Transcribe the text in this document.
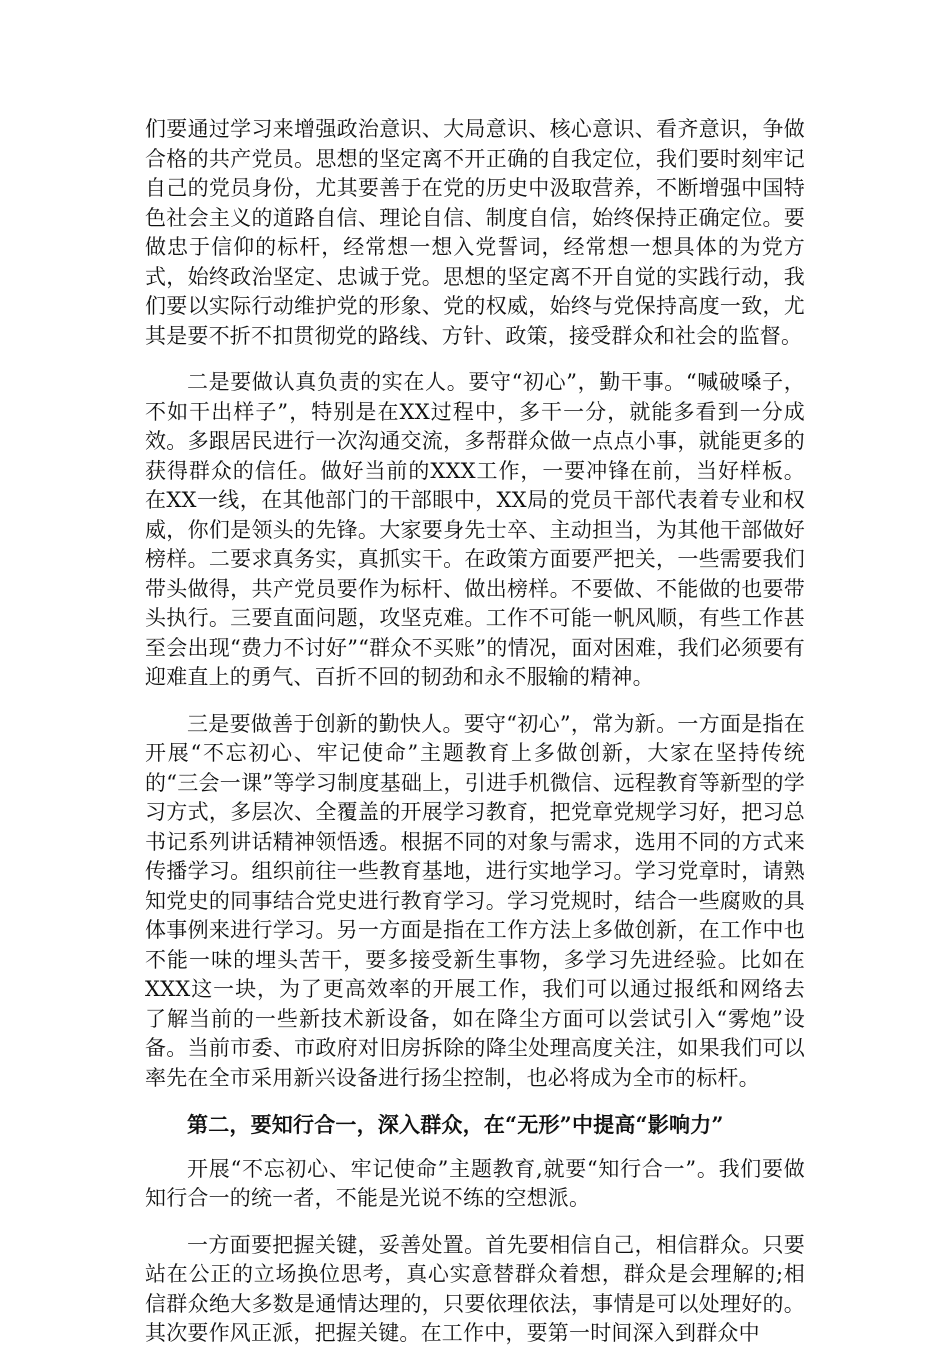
们要通过学习来增强政治意识、大局意识、核心意识、看齐意识，争做合格的共产党员。思想的坚定离不开正确的自我定位，我们要时刻牢记自己的党员身份，尤其要善于在党的历史中汲取营养，不断增强中国特色社会主义的道路自信、理论自信、制度自信，始终保持正确定位。要做忠于信仰的标杆，经常想一想入党誓词，经常想一想具体的为党方式，始终政治坚定、忠诚于党。思想的坚定离不开自觉的实践行动，我们要以实际行动维护党的形象、党的权威，始终与党保持高度一致，尤其是要不折不扣贯彻党的路线、方针、政策，接受群众和社会的监督。

二是要做认真负责的实在人。要守“初心”，勤干事。“喊破嗓子，不如干出样子”，特别是在XX过程中，多干一分，就能多看到一分成效。多跟居民进行一次沟通交流，多帮群众做一点点小事，就能更多的获得群众的信任。做好当前的XXX工作，一要冲锋在前，当好样板。在XX一线，在其他部门的干部眼中，XX局的党员干部代表着专业和权威，你们是领头的先锋。大家要身先士卒、主动担当，为其他干部做好榜样。二要求真务实，真抓实干。在政策方面要严把关，一些需要我们带头做得，共产党员要作为标杆、做出榜样。不要做、不能做的也要带头执行。三要直面问题，攻坚克难。工作不可能一帆风顺，有些工作甚至会出现“费力不讨好”“群众不买账”的情况，面对困难，我们必须要有迎难直上的勇气、百折不回的韧劲和永不服输的精神。

三是要做善于创新的勤快人。要守“初心”，常为新。一方面是指在开展“不忘初心、牢记使命”主题教育上多做创新，大家在坚持传统的“三会一课”等学习制度基础上，引进手机微信、远程教育等新型的学习方式，多层次、全覆盖的开展学习教育，把党章党规学习好，把习总书记系列讲话精神领悟透。根据不同的对象与需求，选用不同的方式来传播学习。组织前往一些教育基地，进行实地学习。学习党章时，请熟知党史的同事结合党史进行教育学习。学习党规时，结合一些腐败的具体事例来进行学习。另一方面是指在工作方法上多做创新，在工作中也不能一味的埋头苦干，要多接受新生事物，多学习先进经验。比如在XXX这一块，为了更高效率的开展工作，我们可以通过报纸和网络去了解当前的一些新技术新设备，如在降尘方面可以尝试引入“雾炮”设备。当前市委、市政府对旧房拆除的降尘处理高度关注，如果我们可以率先在全市采用新兴设备进行扬尘控制，也必将成为全市的标杆。

第二，要知行合一，深入群众，在“无形”中提高“影响力”

开展“不忘初心、牢记使命”主题教育,就要“知行合一”。我们要做知行合一的统一者，不能是光说不练的空想派。

一方面要把握关键，妥善处置。首先要相信自己，相信群众。只要站在公正的立场换位思考，真心实意替群众着想，群众是会理解的;相信群众绝大多数是通情达理的，只要依理依法，事情是可以处理好的。其次要作风正派，把握关键。在工作中，要第一时间深入到群众中
